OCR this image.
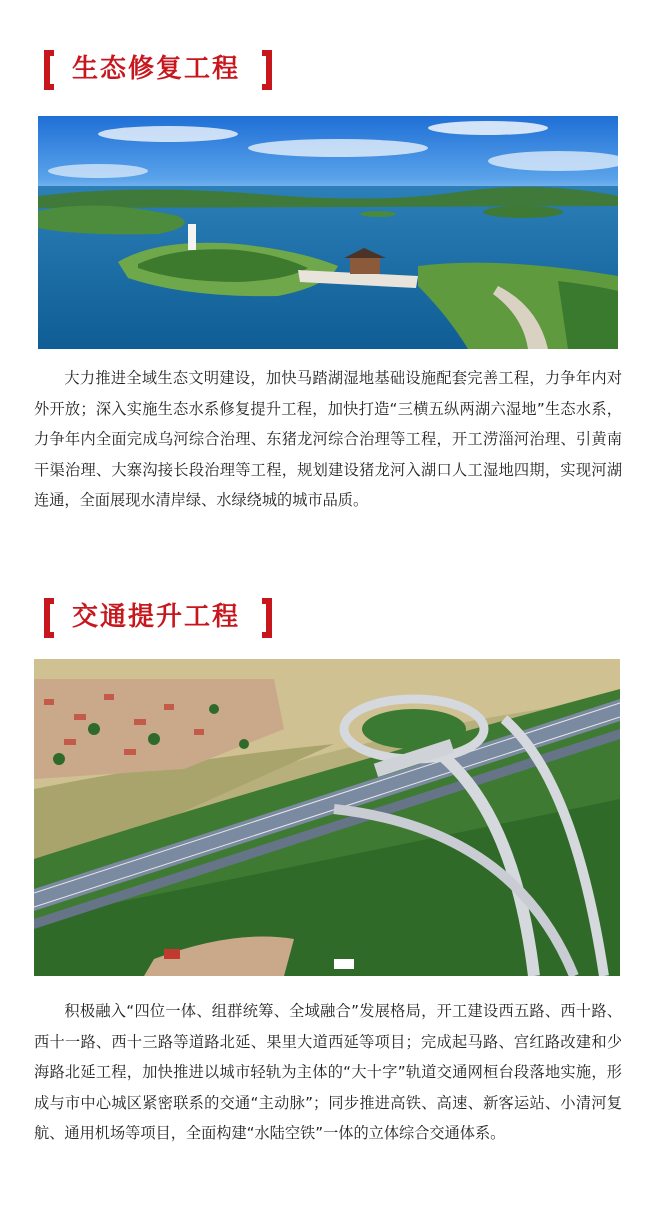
生态修复工程

大力推进全域生态文明建设，加快马踏湖湿地基础设施配套完善工程，力争年内对外开放；深入实施生态水系修复提升工程，加快打造“三横五纵两湖六湿地”生态水系，力争年内全面完成乌河综合治理、东猪龙河综合治理等工程，开工涝淄河治理、引黄南干渠治理、大寨沟接长段治理等工程，规划建设猪龙河入湖口人工湿地四期，实现河湖连通，全面展现水清岸绿、水绿绕城的城市品质。

交通提升工程

积极融入“四位一体、组群统筹、全域融合”发展格局，开工建设西五路、西十路、西十一路、西十三路等道路北延、果里大道西延等项目；完成起马路、宫红路改建和少海路北延工程，加快推进以城市轻轨为主体的“大十字”轨道交通网桓台段落地实施，形成与市中心城区紧密联系的交通“主动脉”；同步推进高铁、高速、新客运站、小清河复航、通用机场等项目，全面构建“水陆空铁”一体的立体综合交通体系。
